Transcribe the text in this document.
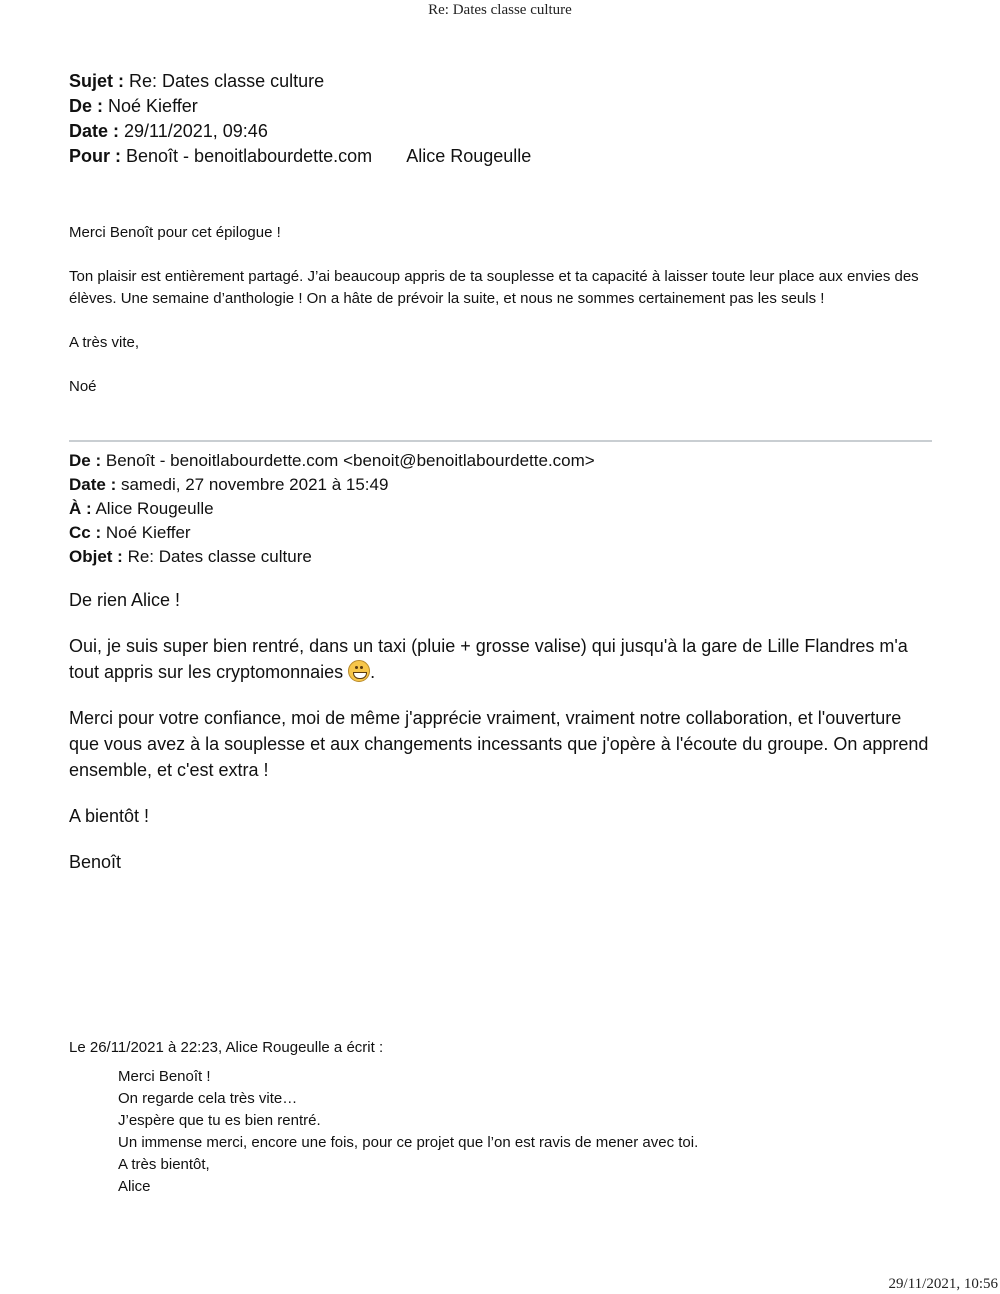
Re: Dates classe culture
Sujet : Re: Dates classe culture
De : Noé Kieffer
Date : 29/11/2021, 09:46
Pour : Benoît - benoitlabourdette.com Alice Rougeulle

Merci Benoît pour cet épilogue !

Ton plaisir est entièrement partagé. J’ai beaucoup appris de ta souplesse et ta capacité à laisser toute leur place aux envies des élèves. Une semaine d’anthologie ! On a hâte de prévoir la suite, et nous ne sommes certainement pas les seuls !

A très vite,

Noé

De : Benoît - benoitlabourdette.com <benoit@benoitlabourdette.com>
Date : samedi, 27 novembre 2021 à 15:49
À : Alice Rougeulle
Cc : Noé Kieffer
Objet : Re: Dates classe culture

De rien Alice !

Oui, je suis super bien rentré, dans un taxi (pluie + grosse valise) qui jusqu'à la gare de Lille Flandres m'a tout appris sur les cryptomonnaies .

Merci pour votre confiance, moi de même j'apprécie vraiment, vraiment notre collaboration, et l'ouverture que vous avez à la souplesse et aux changements incessants que j'opère à l'écoute du groupe. On apprend ensemble, et c'est extra !

A bientôt !

Benoît

Le 26/11/2021 à 22:23, Alice Rougeulle a écrit :
Merci Benoît !
On regarde cela très vite…
J’espère que tu es bien rentré.
Un immense merci, encore une fois, pour ce projet que l’on est ravis de mener avec toi.
A très bientôt,
Alice
29/11/2021, 10:56
